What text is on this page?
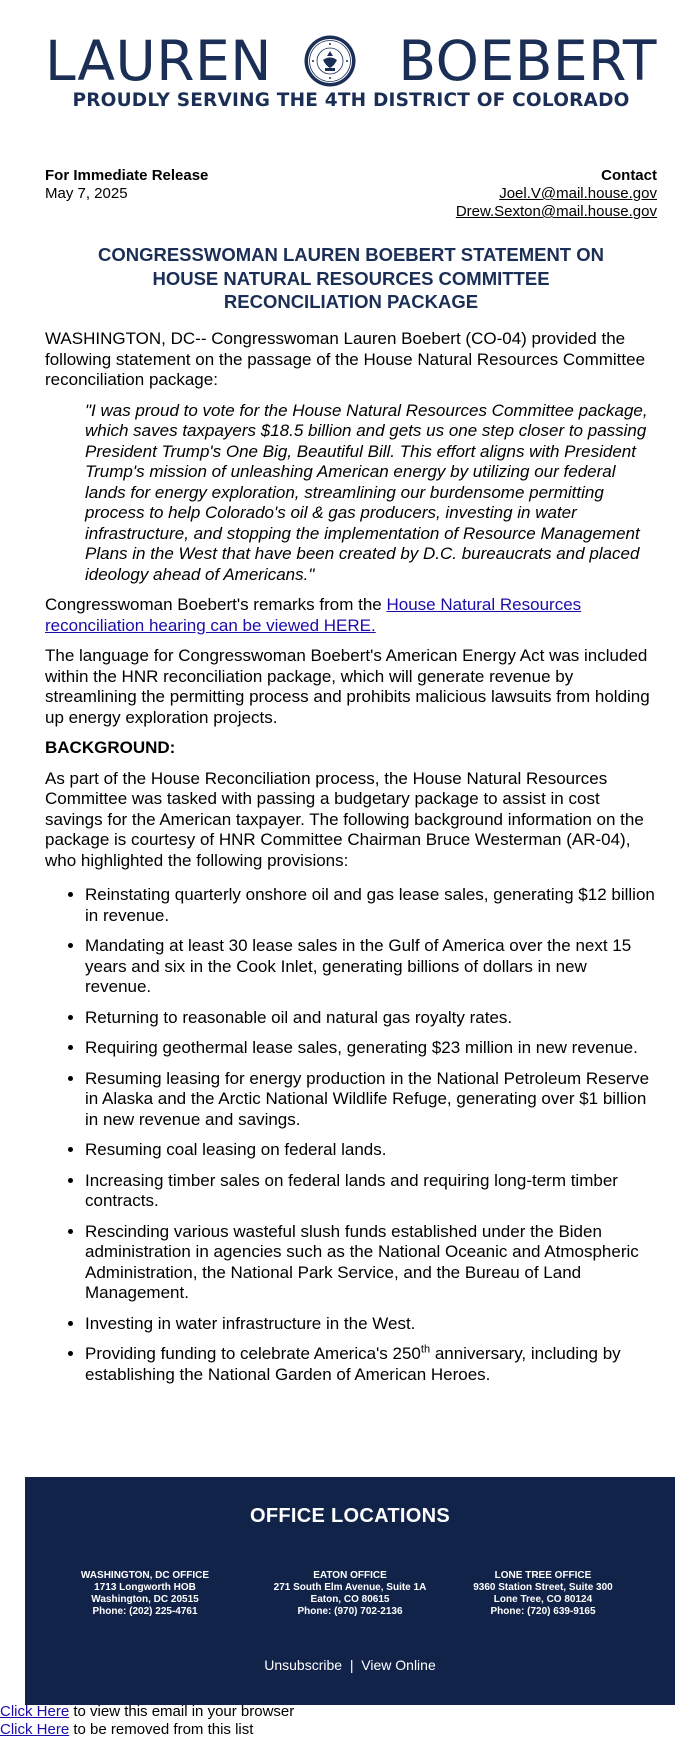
LAUREN BOEBERT
PROUDLY SERVING THE 4TH DISTRICT OF COLORADO
For Immediate Release
May 7, 2025
Contact
Joel.V@mail.house.gov
Drew.Sexton@mail.house.gov
CONGRESSWOMAN LAUREN BOEBERT STATEMENT ON
HOUSE NATURAL RESOURCES COMMITTEE
RECONCILIATION PACKAGE

WASHINGTON, DC-- Congresswoman Lauren Boebert (CO-04) provided the following statement on the passage of the House Natural Resources Committee reconciliation package:

"I was proud to vote for the House Natural Resources Committee package, which saves taxpayers $18.5 billion and gets us one step closer to passing President Trump's One Big, Beautiful Bill. This effort aligns with President Trump's mission of unleashing American energy by utilizing our federal lands for energy exploration, streamlining our burdensome permitting process to help Colorado's oil & gas producers, investing in water infrastructure, and stopping the implementation of Resource Management Plans in the West that have been created by D.C. bureaucrats and placed ideology ahead of Americans."

Congresswoman Boebert's remarks from the House Natural Resources reconciliation hearing can be viewed HERE.

The language for Congresswoman Boebert's American Energy Act was included within the HNR reconciliation package, which will generate revenue by streamlining the permitting process and prohibits malicious lawsuits from holding up energy exploration projects.

BACKGROUND:

As part of the House Reconciliation process, the House Natural Resources Committee was tasked with passing a budgetary package to assist in cost savings for the American taxpayer. The following background information on the package is courtesy of HNR Committee Chairman Bruce Westerman (AR-04), who highlighted the following provisions:

• Reinstating quarterly onshore oil and gas lease sales, generating $12 billion in revenue.
• Mandating at least 30 lease sales in the Gulf of America over the next 15 years and six in the Cook Inlet, generating billions of dollars in new revenue.
• Returning to reasonable oil and natural gas royalty rates.
• Requiring geothermal lease sales, generating $23 million in new revenue.
• Resuming leasing for energy production in the National Petroleum Reserve in Alaska and the Arctic National Wildlife Refuge, generating over $1 billion in new revenue and savings.
• Resuming coal leasing on federal lands.
• Increasing timber sales on federal lands and requiring long-term timber contracts.
• Rescinding various wasteful slush funds established under the Biden administration in agencies such as the National Oceanic and Atmospheric Administration, the National Park Service, and the Bureau of Land Management.
• Investing in water infrastructure in the West.
• Providing funding to celebrate America's 250th anniversary, including by establishing the National Garden of American Heroes.
OFFICE LOCATIONS
WASHINGTON, DC OFFICE
1713 Longworth HOB
Washington, DC 20515
Phone: (202) 225-4761
EATON OFFICE
271 South Elm Avenue, Suite 1A
Eaton, CO 80615
Phone: (970) 702-2136
LONE TREE OFFICE
9360 Station Street, Suite 300
Lone Tree, CO 80124
Phone: (720) 639-9165
Unsubscribe | View Online
Click Here to view this email in your browser
Click Here to be removed from this list
